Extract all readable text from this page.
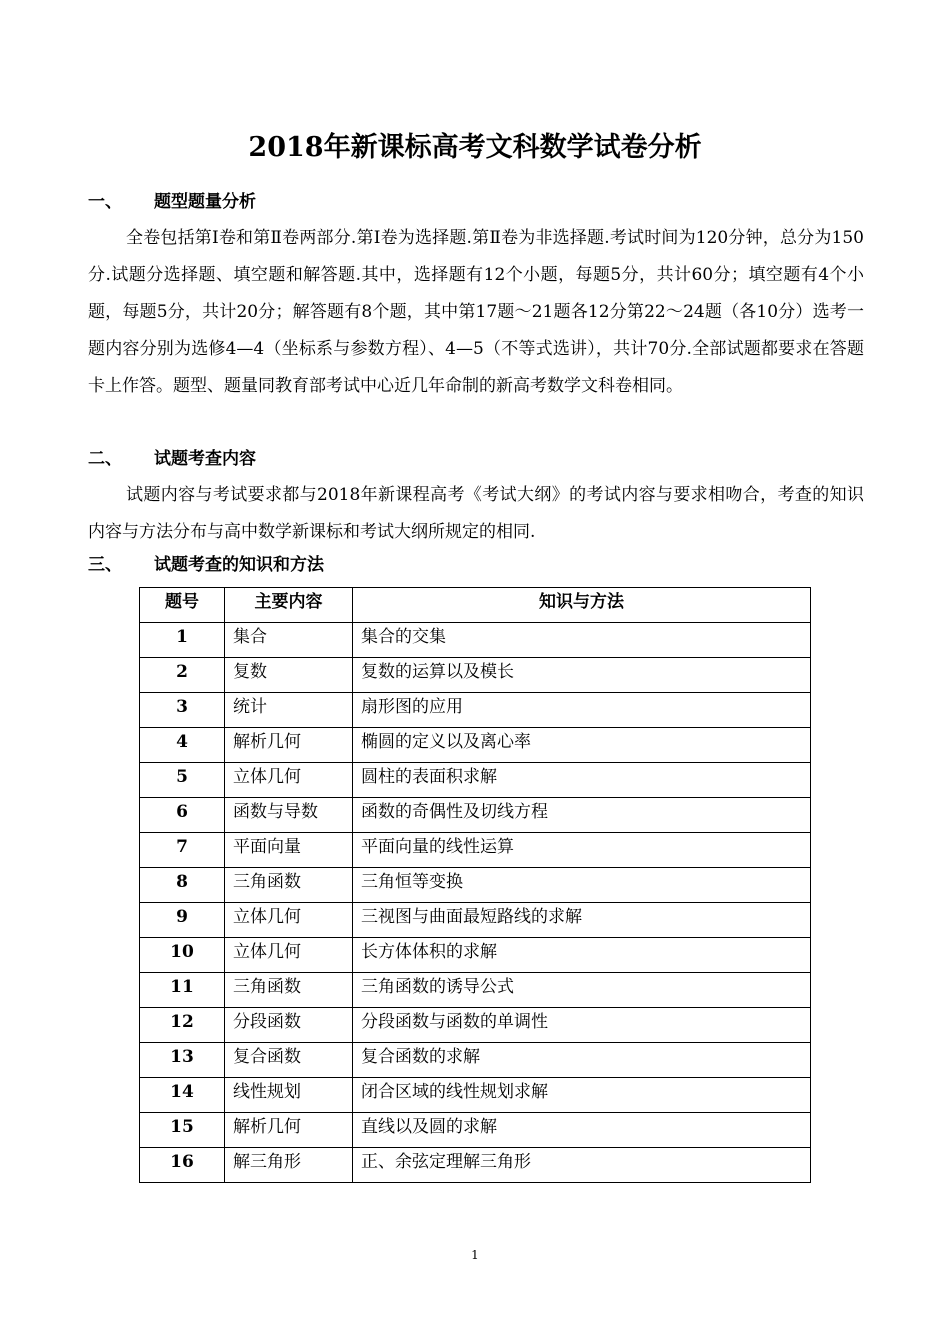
2018年新课标高考文科数学试卷分析
一、 题型题量分析
全卷包括第Ⅰ卷和第Ⅱ卷两部分.第Ⅰ卷为选择题.第Ⅱ卷为非选择题.考试时间为120分钟，总分为150分.试题分选择题、填空题和解答题.其中，选择题有12个小题，每题5分，共计60分；填空题有4个小题，每题5分，共计20分；解答题有8个题，其中第17题～21题各12分第22～24题（各10分）选考一题内容分别为选修4—4（坐标系与参数方程）、4—5（不等式选讲），共计70分.全部试题都要求在答题卡上作答。题型、题量同教育部考试中心近几年命制的新高考数学文科卷相同。
二、 试题考查内容
试题内容与考试要求都与2018年新课程高考《考试大纲》的考试内容与要求相吻合，考查的知识内容与方法分布与高中数学新课标和考试大纲所规定的相同.
三、 试题考查的知识和方法
题号	主要内容	知识与方法
1	集合	集合的交集
2	复数	复数的运算以及模长
3	统计	扇形图的应用
4	解析几何	椭圆的定义以及离心率
5	立体几何	圆柱的表面积求解
6	函数与导数	函数的奇偶性及切线方程
7	平面向量	平面向量的线性运算
8	三角函数	三角恒等变换
9	立体几何	三视图与曲面最短路线的求解
10	立体几何	长方体体积的求解
11	三角函数	三角函数的诱导公式
12	分段函数	分段函数与函数的单调性
13	复合函数	复合函数的求解
14	线性规划	闭合区域的线性规划求解
15	解析几何	直线以及圆的求解
16	解三角形	正、余弦定理解三角形
1
